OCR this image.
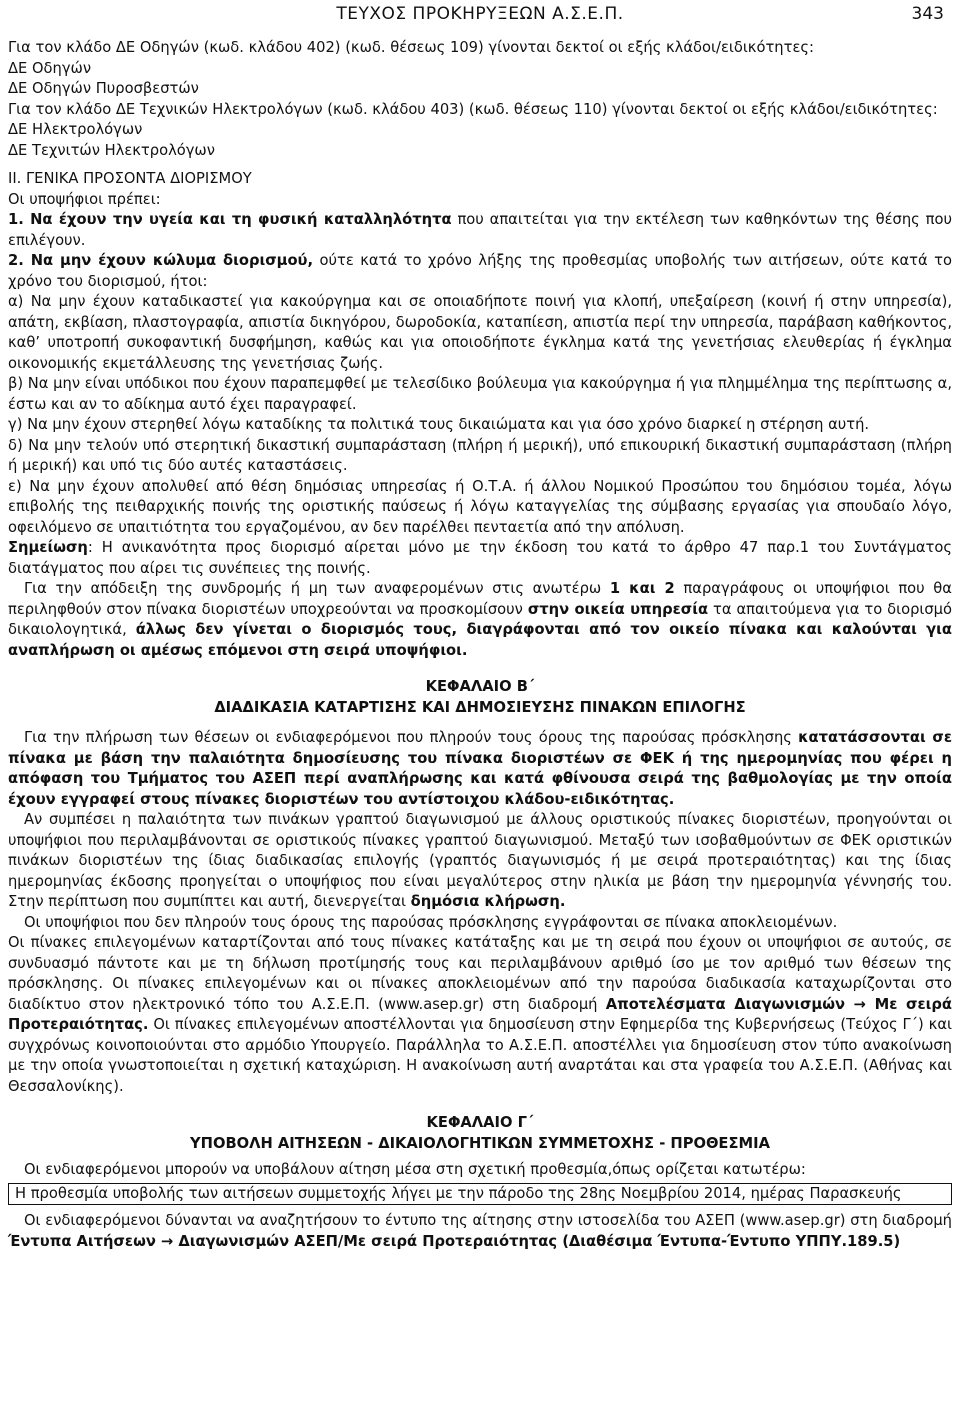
ΤΕΥΧΟΣ ΠΡΟΚΗΡΥΞΕΩΝ Α.Σ.Ε.Π.	343

Για τον κλάδο ΔΕ Οδηγών (κωδ. κλάδου 402) (κωδ. θέσεως 109) γίνονται δεκτοί οι εξής κλάδοι/ειδικότητες:

ΔΕ Οδηγών

ΔΕ Οδηγών Πυροσβεστών

Για τον κλάδο ΔΕ Τεχνικών Ηλεκτρολόγων (κωδ. κλάδου 403) (κωδ. θέσεως 110) γίνονται δεκτοί οι εξής κλάδοι/ειδικότητες:

ΔΕ Ηλεκτρολόγων

ΔΕ Τεχνιτών Ηλεκτρολόγων

ΙΙ. ΓΕΝΙΚΑ ΠΡΟΣΟΝΤΑ ΔΙΟΡΙΣΜΟΥ

Οι υποψήφιοι πρέπει:

1. Να έχουν την υγεία και τη φυσική καταλληλότητα που απαιτείται για την εκτέλεση των καθηκόντων της θέσης που επιλέγουν.

2. Να μην έχουν κώλυμα διορισμού, ούτε κατά το χρόνο λήξης της προθεσμίας υποβολής των αιτήσεων, ούτε κατά το χρόνο του διορισμού, ήτοι:

α) Να μην έχουν καταδικαστεί για κακούργημα και σε οποιαδήποτε ποινή για κλοπή, υπεξαίρεση (κοινή ή στην υπηρεσία), απάτη, εκβίαση, πλαστογραφία, απιστία δικηγόρου, δωροδοκία, καταπίεση, απιστία περί την υπηρεσία, παράβαση καθήκοντος, καθ’ υποτροπή συκοφαντική δυσφήμηση, καθώς και για οποιοδήποτε έγκλημα κατά της γενετήσιας ελευθερίας ή έγκλημα οικονομικής εκμετάλλευσης της γενετήσιας ζωής.

β) Να μην είναι υπόδικοι που έχουν παραπεμφθεί με τελεσίδικο βούλευμα για κακούργημα ή για πλημμέλημα της περίπτωσης α, έστω και αν το αδίκημα αυτό έχει παραγραφεί.

γ) Να μην έχουν στερηθεί λόγω καταδίκης τα πολιτικά τους δικαιώματα και για όσο χρόνο διαρκεί η στέρηση αυτή.

δ) Να μην τελούν υπό στερητική δικαστική συμπαράσταση (πλήρη ή μερική), υπό επικουρική δικαστική συμπαράσταση (πλήρη ή μερική) και υπό τις δύο αυτές καταστάσεις.

ε) Να μην έχουν απολυθεί από θέση δημόσιας υπηρεσίας ή Ο.Τ.Α. ή άλλου Νομικού Προσώπου του δημόσιου τομέα, λόγω επιβολής της πειθαρχικής ποινής της οριστικής παύσεως ή λόγω καταγγελίας της σύμβασης εργασίας για σπουδαίο λόγο, οφειλόμενο σε υπαιτιότητα του εργαζομένου, αν δεν παρέλθει πενταετία από την απόλυση.

Σημείωση: Η ανικανότητα προς διορισμό αίρεται μόνο με την έκδοση του κατά το άρθρο 47 παρ.1 του Συντάγματος διατάγματος που αίρει τις συνέπειες της ποινής.

Για την απόδειξη της συνδρομής ή μη των αναφερομένων στις ανωτέρω 1 και 2 παραγράφους οι υποψήφιοι που θα περιληφθούν στον πίνακα διοριστέων υποχρεούνται να προσκομίσουν στην οικεία υπηρεσία τα απαιτούμενα για το διορισμό δικαιολογητικά, άλλως δεν γίνεται ο διορισμός τους, διαγράφονται από τον οικείο πίνακα και καλούνται για αναπλήρωση οι αμέσως επόμενοι στη σειρά υποψήφιοι.

ΚΕΦΑΛΑΙΟ Β΄

ΔΙΑΔΙΚΑΣΙΑ ΚΑΤΑΡΤΙΣΗΣ ΚΑΙ ΔΗΜΟΣΙΕΥΣΗΣ ΠΙΝΑΚΩΝ ΕΠΙΛΟΓΗΣ

Για την πλήρωση των θέσεων οι ενδιαφερόμενοι που πληρούν τους όρους της παρούσας πρόσκλησης κατατάσσονται σε πίνακα με βάση την παλαιότητα δημοσίευσης του πίνακα διοριστέων σε ΦΕΚ ή της ημερομηνίας που φέρει η απόφαση του Τμήματος του ΑΣΕΠ περί αναπλήρωσης και κατά φθίνουσα σειρά της βαθμολογίας με την οποία έχουν εγγραφεί στους πίνακες διοριστέων του αντίστοιχου κλάδου-ειδικότητας.

Αν συμπέσει η παλαιότητα των πινάκων γραπτού διαγωνισμού με άλλους οριστικούς πίνακες διοριστέων, προηγούνται οι υποψήφιοι που περιλαμβάνονται σε οριστικούς πίνακες γραπτού διαγωνισμού. Μεταξύ των ισοβαθμούντων σε ΦΕΚ οριστικών πινάκων διοριστέων της ίδιας διαδικασίας επιλογής (γραπτός διαγωνισμός ή με σειρά προτεραιότητας) και της ίδιας ημερομηνίας έκδοσης προηγείται ο υποψήφιος που είναι μεγαλύτερος στην ηλικία με βάση την ημερομηνία γέννησής του. Στην περίπτωση που συμπίπτει και αυτή, διενεργείται δημόσια κλήρωση.

Οι υποψήφιοι που δεν πληρούν τους όρους της παρούσας πρόσκλησης εγγράφονται σε πίνακα αποκλειομένων.

Οι πίνακες επιλεγομένων καταρτίζονται από τους πίνακες κατάταξης και με τη σειρά που έχουν οι υποψήφιοι σε αυτούς, σε συνδυασμό πάντοτε και με τη δήλωση προτίμησής τους και περιλαμβάνουν αριθμό ίσο με τον αριθμό των θέσεων της πρόσκλησης. Οι πίνακες επιλεγομένων και οι πίνακες αποκλειομένων από την παρούσα διαδικασία καταχωρίζονται στο διαδίκτυο στον ηλεκτρονικό τόπο του Α.Σ.Ε.Π. (www.asep.gr) στη διαδρομή Αποτελέσματα Διαγωνισμών → Με σειρά Προτεραιότητας. Οι πίνακες επιλεγομένων αποστέλλονται για δημοσίευση στην Εφημερίδα της Κυβερνήσεως (Τεύχος Γ΄) και συγχρόνως κοινοποιούνται στο αρμόδιο Υπουργείο. Παράλληλα το Α.Σ.Ε.Π. αποστέλλει για δημοσίευση στον τύπο ανακοίνωση με την οποία γνωστοποιείται η σχετική καταχώριση. Η ανακοίνωση αυτή αναρτάται και στα γραφεία του Α.Σ.Ε.Π. (Αθήνας και Θεσσαλονίκης).

ΚΕΦΑΛΑΙΟ Γ΄

ΥΠΟΒΟΛΗ ΑΙΤΗΣΕΩΝ - ΔΙΚΑΙΟΛΟΓΗΤΙΚΩΝ ΣΥΜΜΕΤΟΧΗΣ - ΠΡΟΘΕΣΜΙΑ

Οι ενδιαφερόμενοι μπορούν να υποβάλουν αίτηση μέσα στη σχετική προθεσμία,όπως ορίζεται κατωτέρω:

Η προθεσμία υποβολής των αιτήσεων συμμετοχής λήγει με την πάροδο της 28ης Νοεμβρίου 2014, ημέρας Παρασκευής

Οι ενδιαφερόμενοι δύνανται να αναζητήσουν το έντυπο της αίτησης στην ιστοσελίδα του ΑΣΕΠ (www.asep.gr) στη διαδρομή Έντυπα Αιτήσεων → Διαγωνισμών ΑΣΕΠ/Με σειρά Προτεραιότητας (Διαθέσιμα Έντυπα-Έντυπο ΥΠΠΥ.189.5)
